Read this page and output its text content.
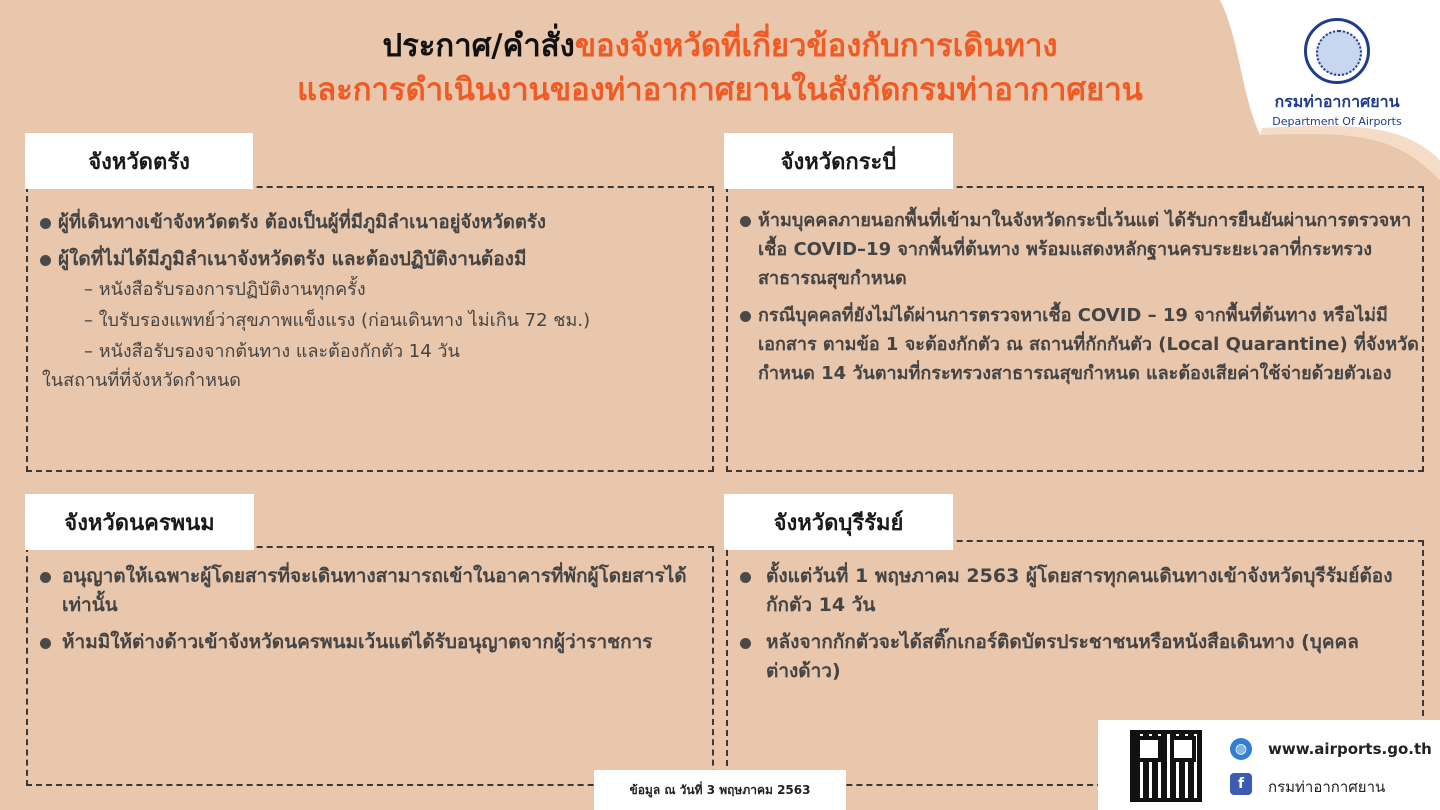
ประกาศ/คำสั่งของจังหวัดที่เกี่ยวข้องกับการเดินทาง
และการดำเนินงานของท่าอากาศยานในสังกัดกรมท่าอากาศยาน	กรมท่าอากาศยาน
Department Of Airports
จังหวัดตรัง
ผู้ที่เดินทางเข้าจังหวัดตรัง ต้องเป็นผู้ที่มีภูมิลำเนาอยู่จังหวัดตรัง
ผู้ใดที่ไม่ได้มีภูมิลำเนาจังหวัดตรัง และต้องปฏิบัติงานต้องมี
– หนังสือรับรองการปฏิบัติงานทุกครั้ง
– ใบรับรองแพทย์ว่าสุขภาพแข็งแรง (ก่อนเดินทาง ไม่เกิน 72 ชม.)
– หนังสือรับรองจากต้นทาง และต้องกักตัว 14 วัน
ในสถานที่ที่จังหวัดกำหนด
จังหวัดกระบี่
ห้ามบุคคลภายนอกพื้นที่เข้ามาในจังหวัดกระบี่เว้นแต่ ได้รับการยืนยันผ่านการตรวจหาเชื้อ COVID–19 จากพื้นที่ต้นทาง พร้อมแสดงหลักฐานครบระยะเวลาที่กระทรวงสาธารณสุขกำหนด
กรณีบุคคลที่ยังไม่ได้ผ่านการตรวจหาเชื้อ COVID – 19 จากพื้นที่ต้นทาง หรือไม่มีเอกสาร ตามข้อ 1 จะต้องกักตัว ณ สถานที่กักกันตัว (Local Quarantine) ที่จังหวัดกำหนด 14 วันตามที่กระทรวงสาธารณสุขกำหนด และต้องเสียค่าใช้จ่ายด้วยตัวเอง
จังหวัดนครพนม
อนุญาตให้เฉพาะผู้โดยสารที่จะเดินทางสามารถเข้าในอาคารที่พักผู้โดยสารได้เท่านั้น
ห้ามมิให้ต่างด้าวเข้าจังหวัดนครพนมเว้นแต่ได้รับอนุญาตจากผู้ว่าราชการ
จังหวัดบุรีรัมย์
ตั้งแต่วันที่ 1 พฤษภาคม 2563 ผู้โดยสารทุกคนเดินทางเข้าจังหวัดบุรีรัมย์ต้องกักตัว 14 วัน
หลังจากกักตัวจะได้สติ๊กเกอร์ติดบัตรประชาชนหรือหนังสือเดินทาง (บุคคลต่างด้าว)
ข้อมูล ณ วันที่ 3 พฤษภาคม 2563
◍	www.airports.go.th
f	กรมท่าอากาศยาน
